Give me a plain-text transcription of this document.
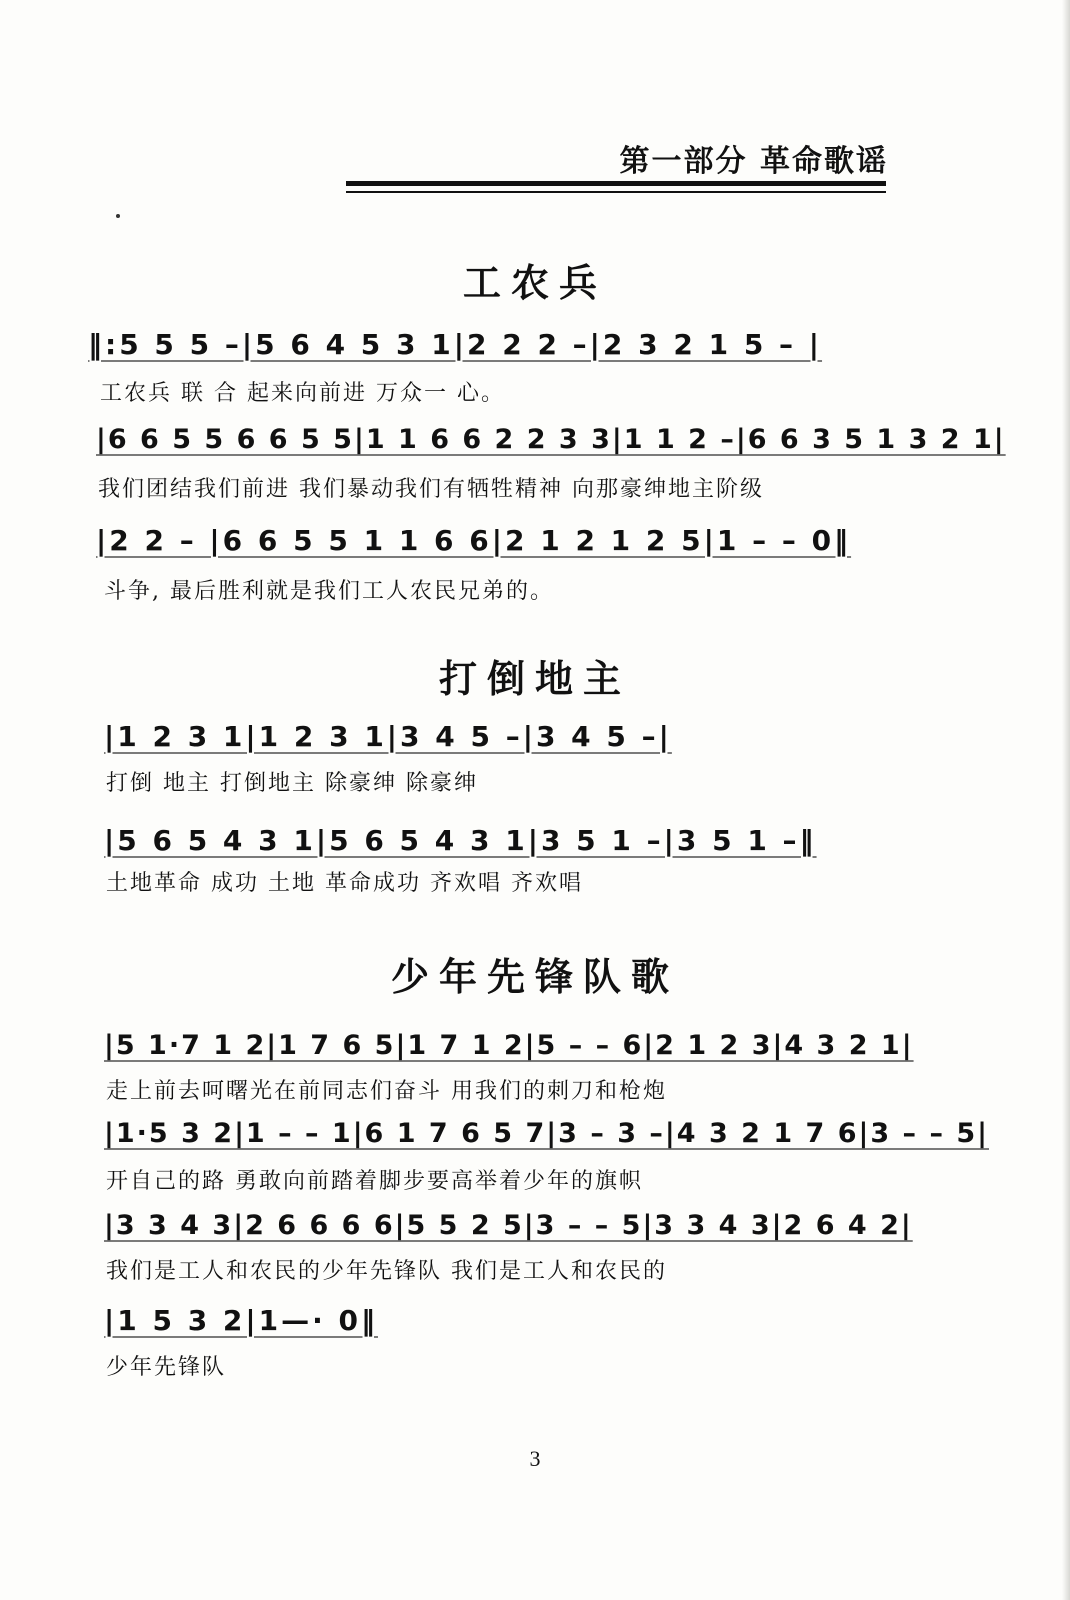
第一部分 革命歌谣
工农兵
‖:5 5 5 –|5 6 4 5 3 1|2 2 2 –|2 3 2 1 5 – |
工农兵 联 合 起来向前进 万众一 心。
|6 6 5 5 6 6 5 5|1 1 6 6 2 2 3 3|1 1 2 –|6 6 3 5 1 3 2 1|
我们团结我们前进 我们暴动我们有牺牲精神 向那豪绅地主阶级
|2 2 – |6 6 5 5 1 1 6 6|2 1 2 1 2 5|1 – – 0‖
斗争, 最后胜利就是我们工人农民兄弟的。
打倒地主
|1 2 3 1|1 2 3 1|3 4 5 –|3 4 5 –|
打倒 地主 打倒地主 除豪绅 除豪绅
|5 6 5 4 3 1|5 6 5 4 3 1|3 5 1 –|3 5 1 –‖
土地革命 成功 土地 革命成功 齐欢唱 齐欢唱
少年先锋队歌
|5 1·7 1 2|1 7 6 5|1 7 1 2|5 – – 6|2 1 2 3|4 3 2 1|
走上前去呵曙光在前同志们奋斗 用我们的刺刀和枪炮
|1·5 3 2|1 – – 1|6 1 7 6 5 7|3 – 3 –|4 3 2 1 7 6|3 – – 5|
开自己的路 勇敢向前踏着脚步要高举着少年的旗帜
|3 3 4 3|2 6 6 6 6|5 5 2 5|3 – – 5|3 3 4 3|2 6 4 2|
我们是工人和农民的少年先锋队 我们是工人和农民的
|1 5 3 2|1—· 0‖
少年先锋队
3
